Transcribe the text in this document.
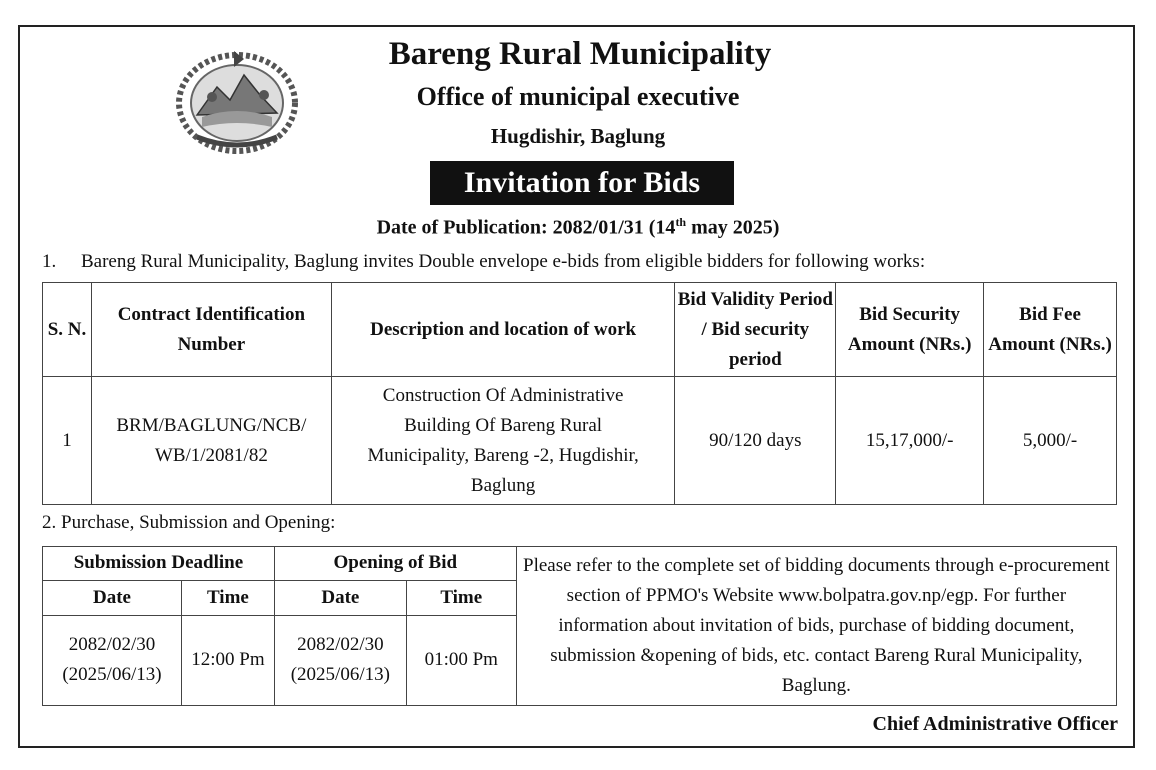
Bareng Rural Municipality
Office of municipal executive
Hugdishir, Baglung
Invitation for Bids
Date of Publication: 2082/01/31 (14th may 2025)
1. Bareng Rural Municipality, Baglung invites Double envelope e-bids from eligible bidders for following works:
S. N.	Contract Identification Number	Description and location of work	Bid Validity Period / Bid security period	Bid Security Amount (NRs.)	Bid Fee Amount (NRs.)
1	BRM/BAGLUNG/NCB/ WB/1/2081/82	Construction Of Administrative Building Of Bareng Rural Municipality, Bareng -2, Hugdishir, Baglung	90/120 days	15,17,000/-	5,000/-
2. Purchase, Submission and Opening:
Submission Deadline		Opening of Bid		Please refer to the complete set of bidding documents through e-procurement section of PPMO's Website www.bolpatra.gov.np/egp. For further information about invitation of bids, purchase of bidding document, submission &opening of bids, etc. contact Bareng Rural Municipality, Baglung.
Date	Time	Date	Time	
2082/02/30 (2025/06/13)	12:00 Pm	2082/02/30 (2025/06/13)	01:00 Pm	
Chief Administrative Officer
